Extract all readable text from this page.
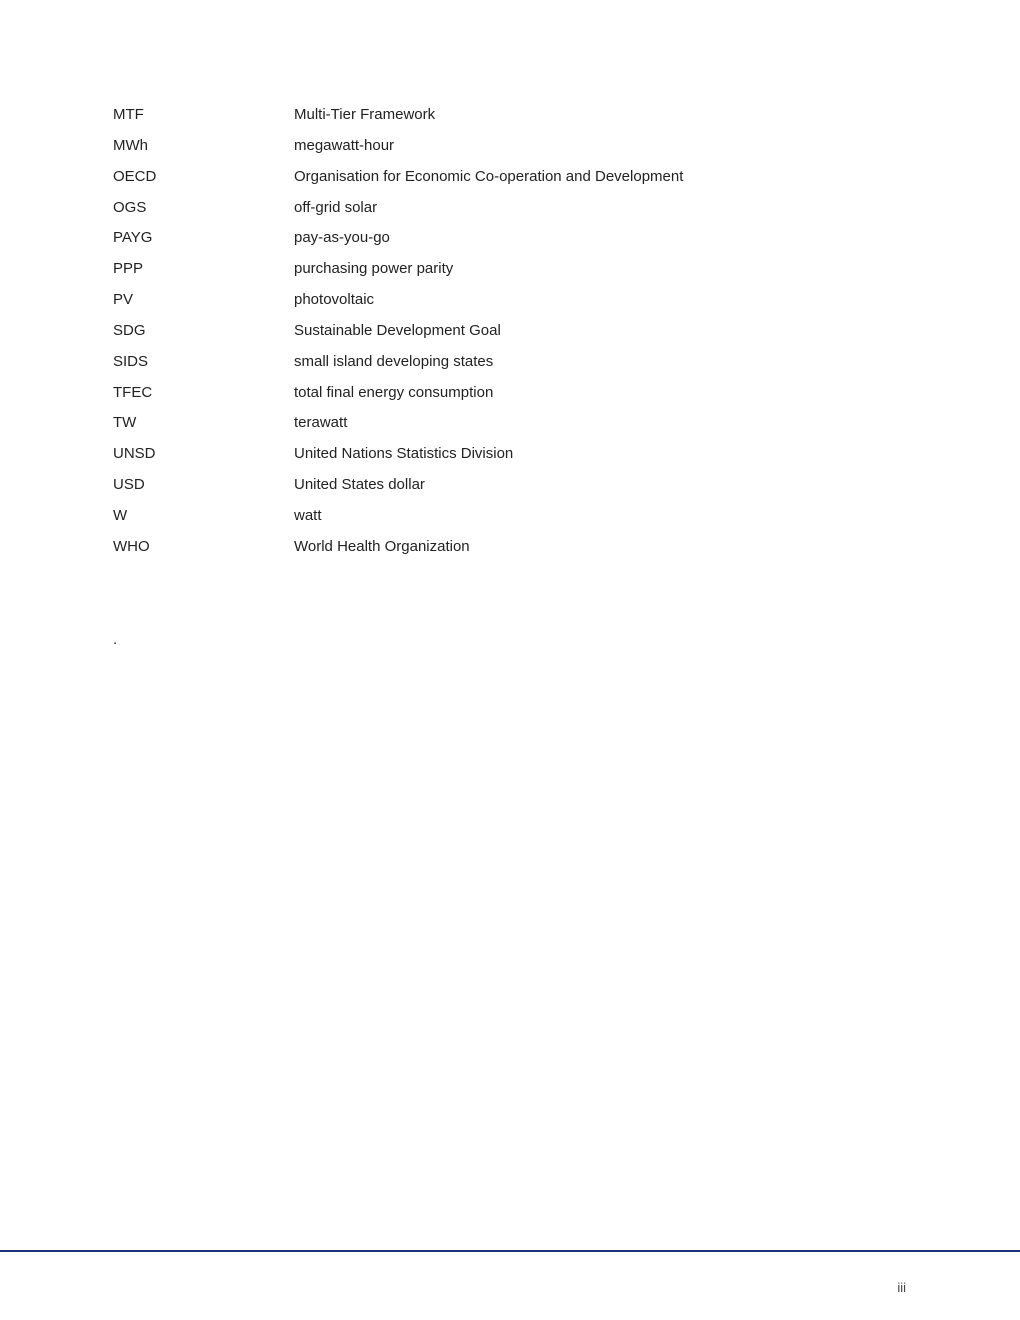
MTF	Multi-Tier Framework
MWh	megawatt-hour
OECD	Organisation for Economic Co-operation and Development
OGS	off-grid solar
PAYG	pay-as-you-go
PPP	purchasing power parity
PV	photovoltaic
SDG	Sustainable Development Goal
SIDS	small island developing states
TFEC	total final energy consumption
TW	terawatt
UNSD	United Nations Statistics Division
USD	United States dollar
W	watt
WHO	World Health Organization
.
iii
